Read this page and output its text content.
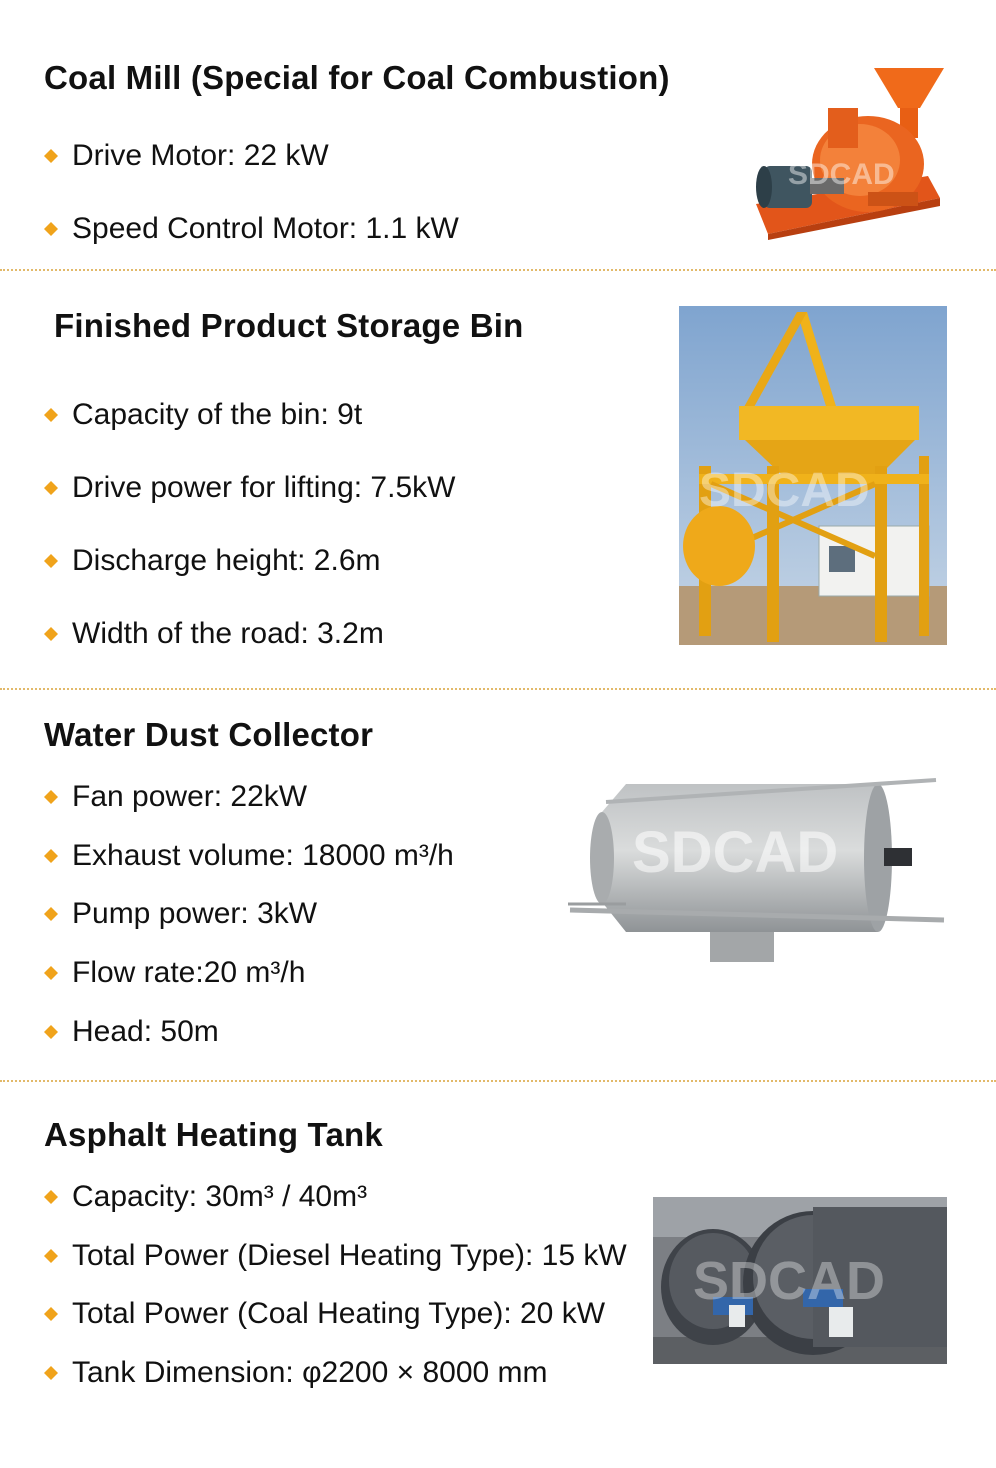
Coal Mill (Special for Coal Combustion)
Drive Motor: 22 kW
Speed Control Motor: 1.1 kW
SDCAD
Finished Product Storage Bin
Capacity of the bin: 9t
Drive power for lifting: 7.5kW
Discharge height: 2.6m
Width of the road: 3.2m
SDCAD
Water Dust Collector
Fan power: 22kW
Exhaust volume: 18000 m³/h
Pump power: 3kW
Flow rate:20 m³/h
Head: 50m
SDCAD
Asphalt Heating Tank
Capacity: 30m³ / 40m³
Total Power (Diesel Heating Type): 15 kW
Total Power (Coal Heating Type): 20 kW
Tank Dimension: φ2200 × 8000 mm
SDCAD
